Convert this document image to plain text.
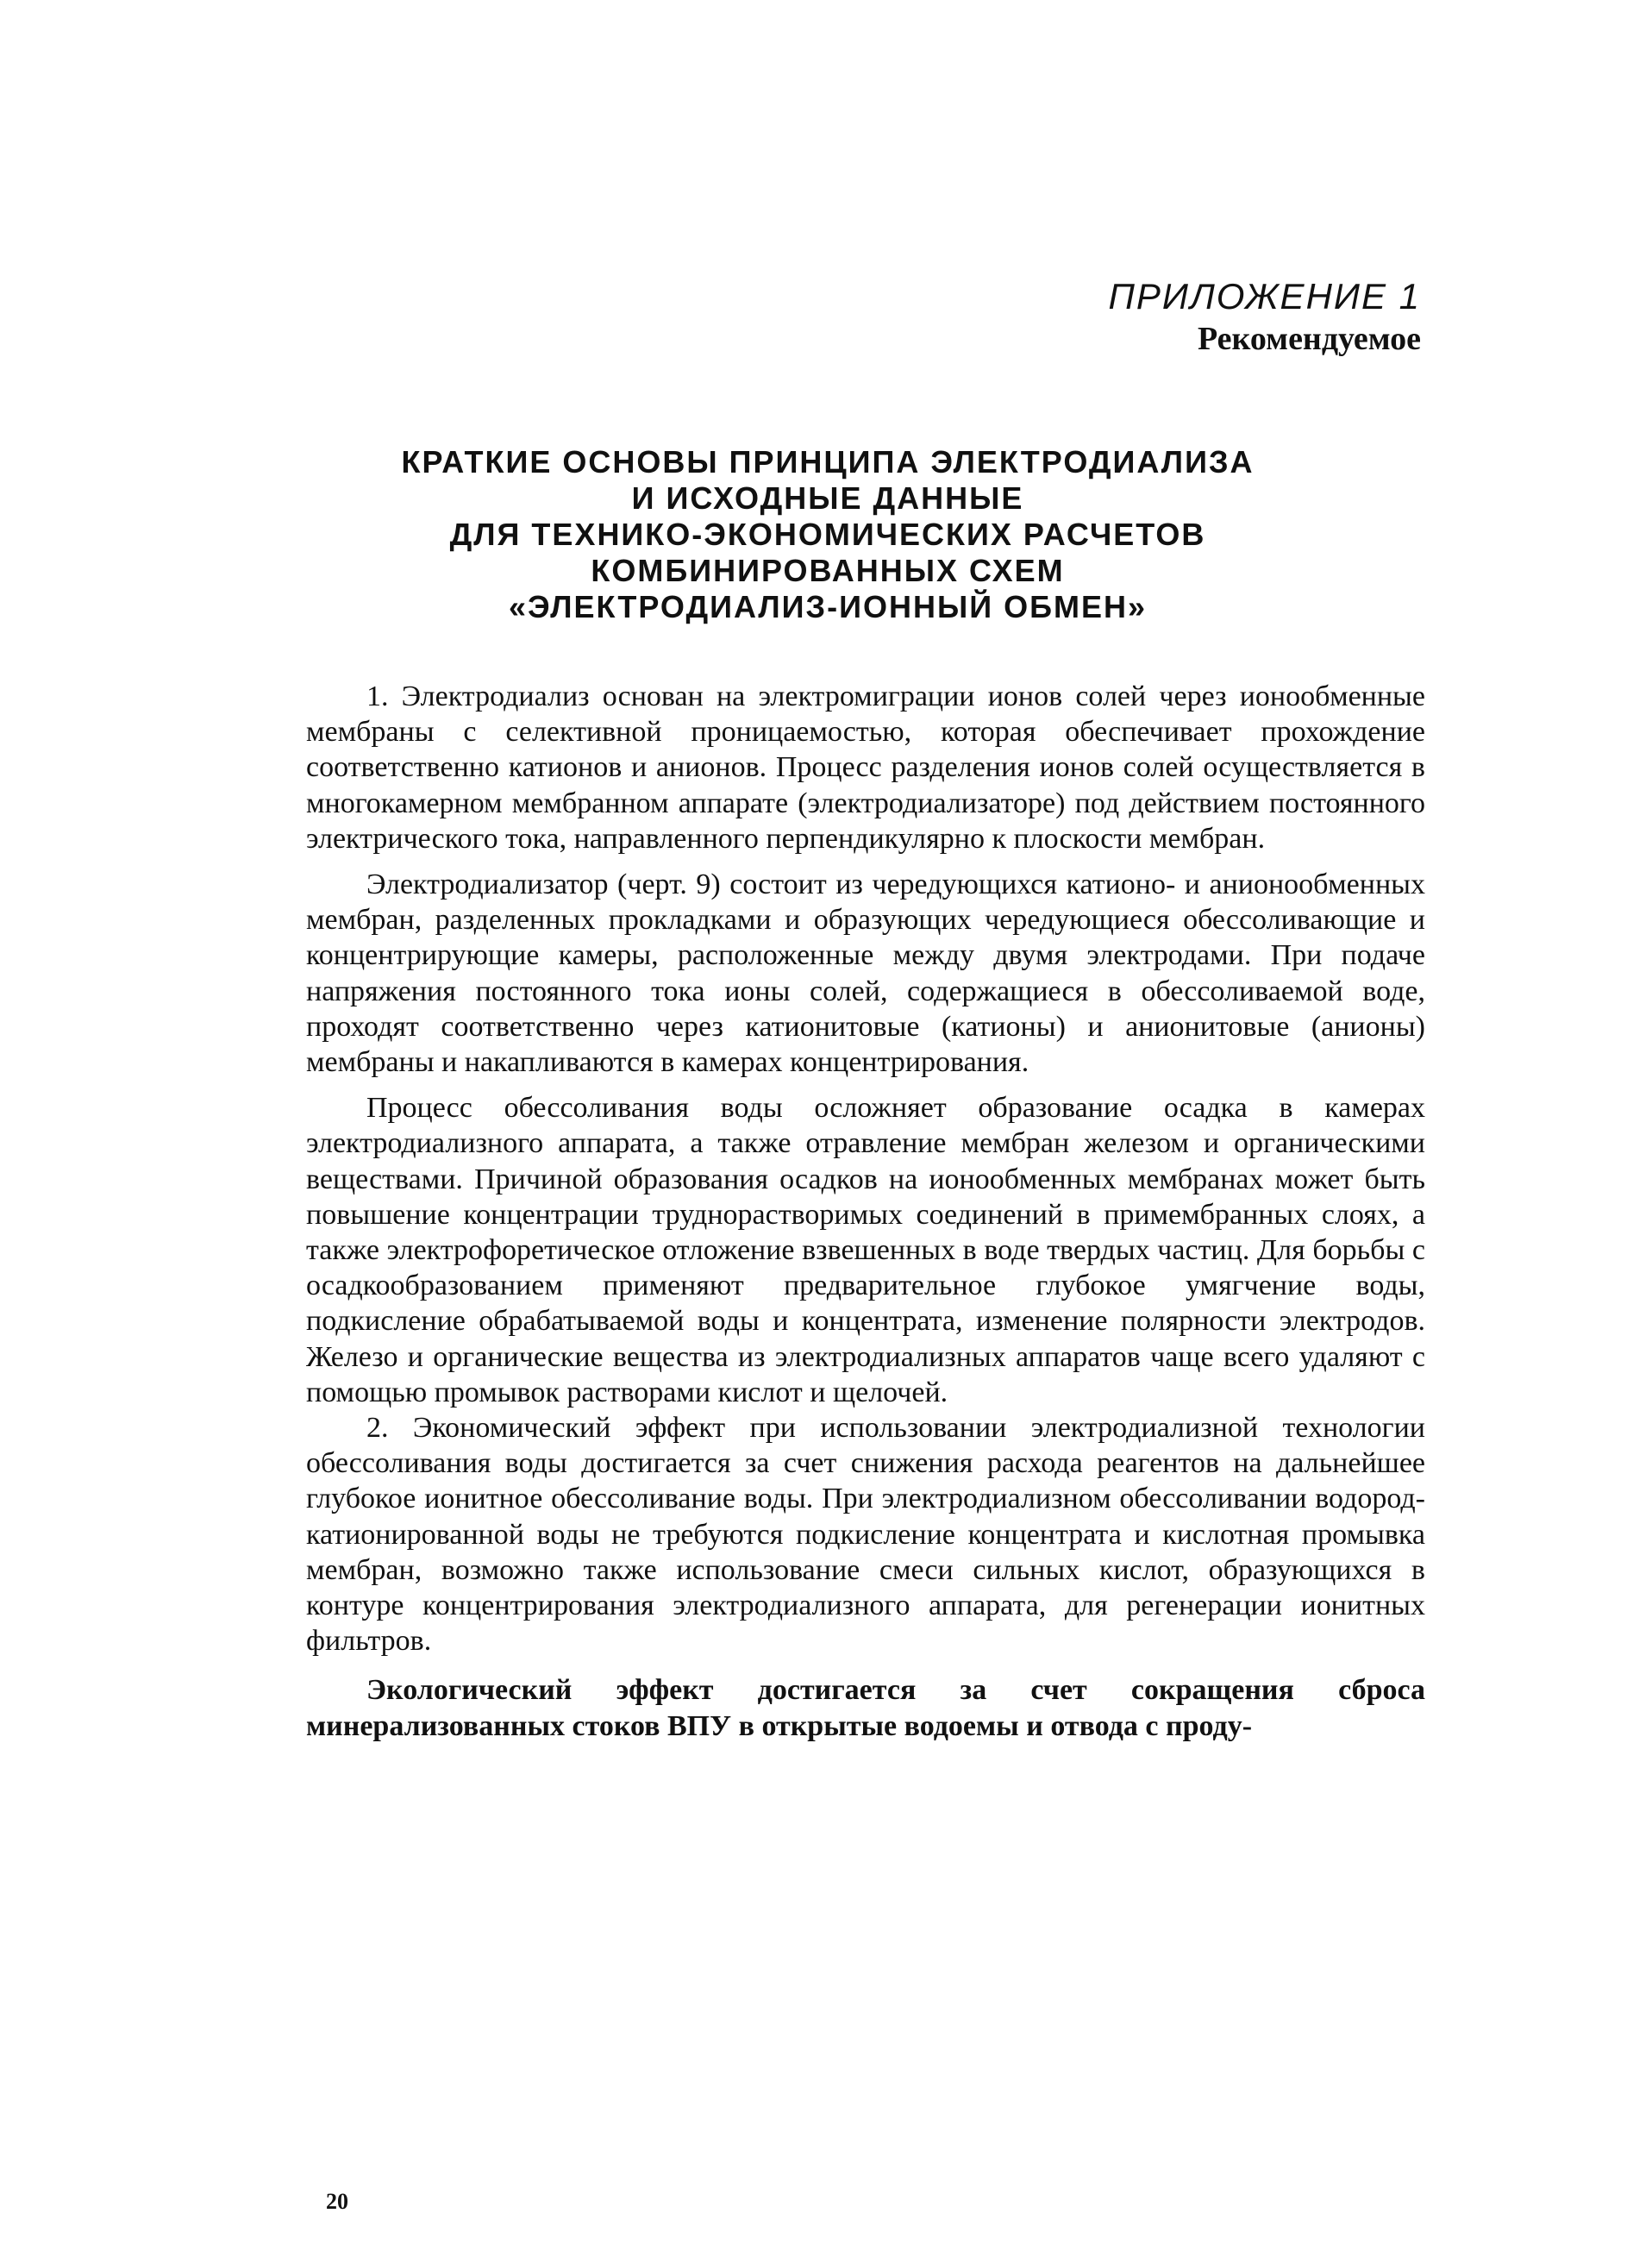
ПРИЛОЖЕНИЕ 1
Рекомендуемое
КРАТКИЕ ОСНОВЫ ПРИНЦИПА ЭЛЕКТРОДИАЛИЗА
И ИСХОДНЫЕ ДАННЫЕ
ДЛЯ ТЕХНИКО-ЭКОНОМИЧЕСКИХ РАСЧЕТОВ
КОМБИНИРОВАННЫХ СХЕМ
«ЭЛЕКТРОДИАЛИЗ-ИОННЫЙ ОБМЕН»

1. Электродиализ основан на электромиграции ионов солей через ионообменные мембраны с селективной проницаемостью, которая обеспечивает прохождение соответственно катионов и анионов. Процесс разделения ионов солей осуществляется в многокамерном мембранном аппарате (электродиализаторе) под действием постоянного электрического тока, направленного перпендикулярно к плоскости мембран.

Электродиализатор (черт. 9) состоит из чередующихся катионо- и анионообменных мембран, разделенных прокладками и образующих чередующиеся обессоливающие и концентрирующие камеры, расположенные между двумя электродами. При подаче напряжения постоянного тока ионы солей, содержащиеся в обессоливаемой воде, проходят соответственно через катионитовые (катионы) и анионитовые (анионы) мембраны и накапливаются в камерах концентрирования.

Процесс обессоливания воды осложняет образование осадка в камерах электродиализного аппарата, а также отравление мембран железом и органическими веществами. Причиной образования осадков на ионообменных мембранах может быть повышение концентрации труднорастворимых соединений в примембранных слоях, а также электрофоретическое отложение взвешенных в воде твердых частиц. Для борьбы с осадкообразованием применяют предварительное глубокое умягчение воды, подкисление обрабатываемой воды и концентрата, изменение полярности электродов. Железо и органические вещества из электродиализных аппаратов чаще всего удаляют с помощью промывок растворами кислот и щелочей.

2. Экономический эффект при использовании электродиализной технологии обессоливания воды достигается за счет снижения расхода реагентов на дальнейшее глубокое ионитное обессоливание воды. При электродиализном обессоливании водород-катионированной воды не требуются подкисление концентрата и кислотная промывка мембран, возможно также использование смеси сильных кислот, образующихся в контуре концентрирования электродиализного аппарата, для регенерации ионитных фильтров.

Экологический эффект достигается за счет сокращения сброса минерализованных стоков ВПУ в открытые водоемы и отвода с проду-

20
